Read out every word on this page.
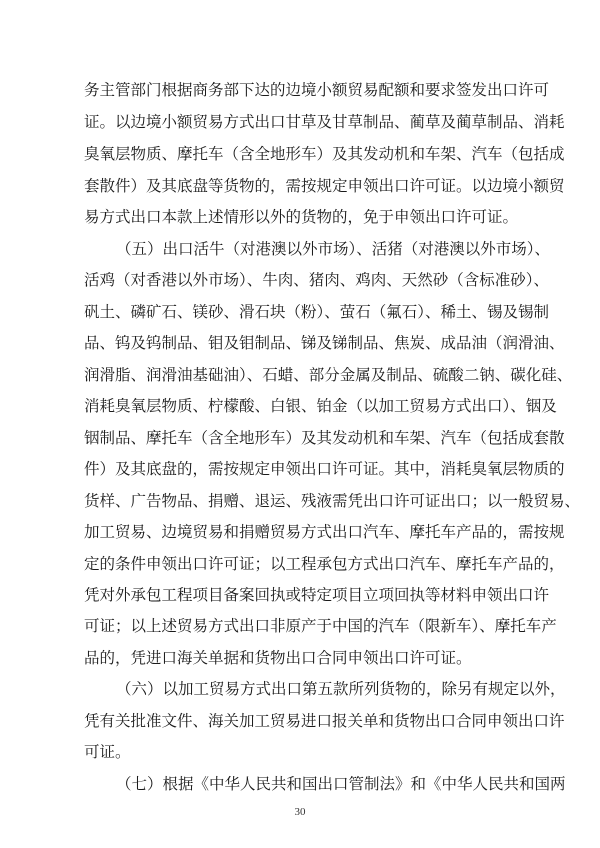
务主管部门根据商务部下达的边境小额贸易配额和要求签发出口许可
证。以边境小额贸易方式出口甘草及甘草制品、蔺草及蔺草制品、消耗
臭氧层物质、摩托车（含全地形车）及其发动机和车架、汽车（包括成
套散件）及其底盘等货物的，需按规定申领出口许可证。以边境小额贸
易方式出口本款上述情形以外的货物的，免于申领出口许可证。
（五）出口活牛（对港澳以外市场）、活猪（对港澳以外市场）、
活鸡（对香港以外市场）、牛肉、猪肉、鸡肉、天然砂（含标准砂）、
矾土、磷矿石、镁砂、滑石块（粉）、萤石（氟石）、稀土、锡及锡制
品、钨及钨制品、钼及钼制品、锑及锑制品、焦炭、成品油（润滑油、
润滑脂、润滑油基础油）、石蜡、部分金属及制品、硫酸二钠、碳化硅、
消耗臭氧层物质、柠檬酸、白银、铂金（以加工贸易方式出口）、铟及
铟制品、摩托车（含全地形车）及其发动机和车架、汽车（包括成套散
件）及其底盘的，需按规定申领出口许可证。其中，消耗臭氧层物质的
货样、广告物品、捐赠、退运、残液需凭出口许可证出口；以一般贸易、
加工贸易、边境贸易和捐赠贸易方式出口汽车、摩托车产品的，需按规
定的条件申领出口许可证；以工程承包方式出口汽车、摩托车产品的，
凭对外承包工程项目备案回执或特定项目立项回执等材料申领出口许
可证；以上述贸易方式出口非原产于中国的汽车（限新车）、摩托车产
品的，凭进口海关单据和货物出口合同申领出口许可证。
（六）以加工贸易方式出口第五款所列货物的，除另有规定以外，
凭有关批准文件、海关加工贸易进口报关单和货物出口合同申领出口许
30
可证。
（七）根据《中华人民共和国出口管制法》和《中华人民共和国两
